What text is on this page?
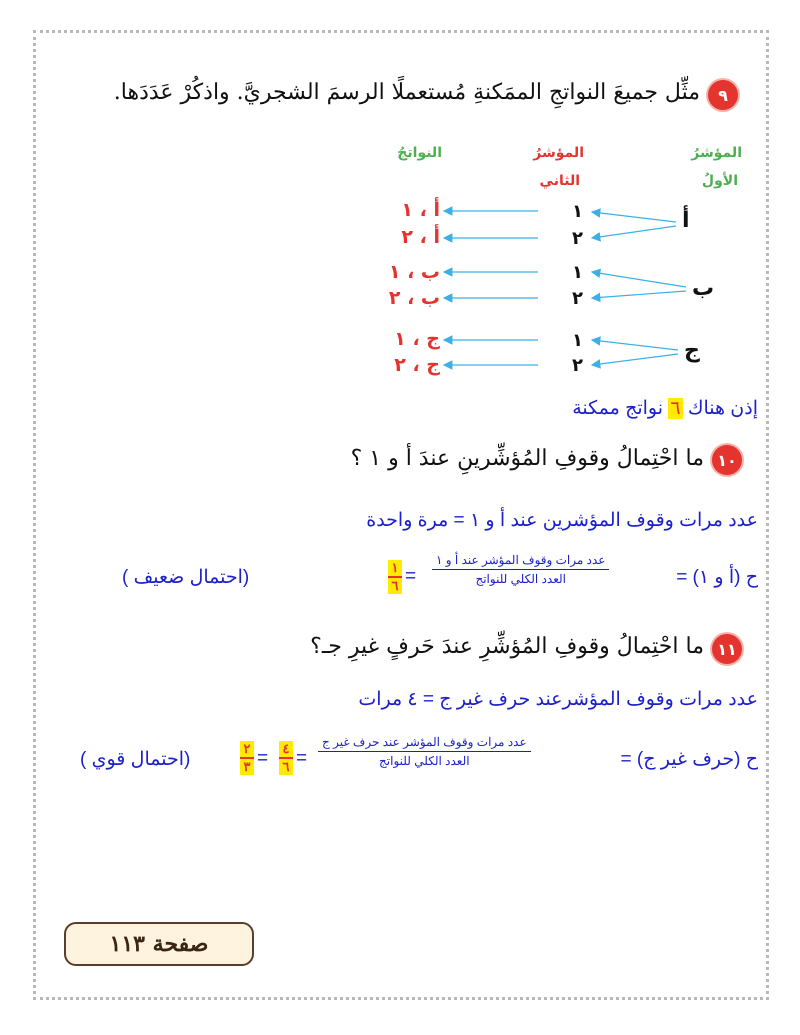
٩
مثِّل جميعَ النواتجِ الممَكنةِ مُستعملًا الرسمَ الشجريَّ. واذكُرْ عَدَدَها.
المؤشرُ
الأولُ
المؤشرُ
الثاني
النواتجُ
أ
ب
ج
١
٢
١
٢
١
٢
أ ، ١
أ ، ٢
ب ، ١
ب ، ٢
ج ، ١
ج ، ٢
إذن هناك ٦ نواتج ممكنة
١٠
ما احْتِمالُ وقوفِ المُؤشِّرينِ عندَ أ و ١ ؟
عدد مرات وقوف المؤشرين عند أ و ١ = مرة واحدة
ح (أ و ١) =
عدد مرات وقوف المؤشر عند أ و ١
العدد الكلي للنواتج
=
١
٦
(احتمال ضعيف )
١١
ما احْتِمالُ وقوفِ المُؤشِّرِ عندَ حَرفٍ غيرِ جـ؟
عدد مرات وقوف المؤشرعند حرف غير ج = ٤ مرات
ح (حرف غير ج) =
عدد مرات وقوف المؤشر عند حرف غير ج
العدد الكلي للنواتج
=
٤
٦
=
٢
٣
(احتمال قوي )
صفحة ١١٣
